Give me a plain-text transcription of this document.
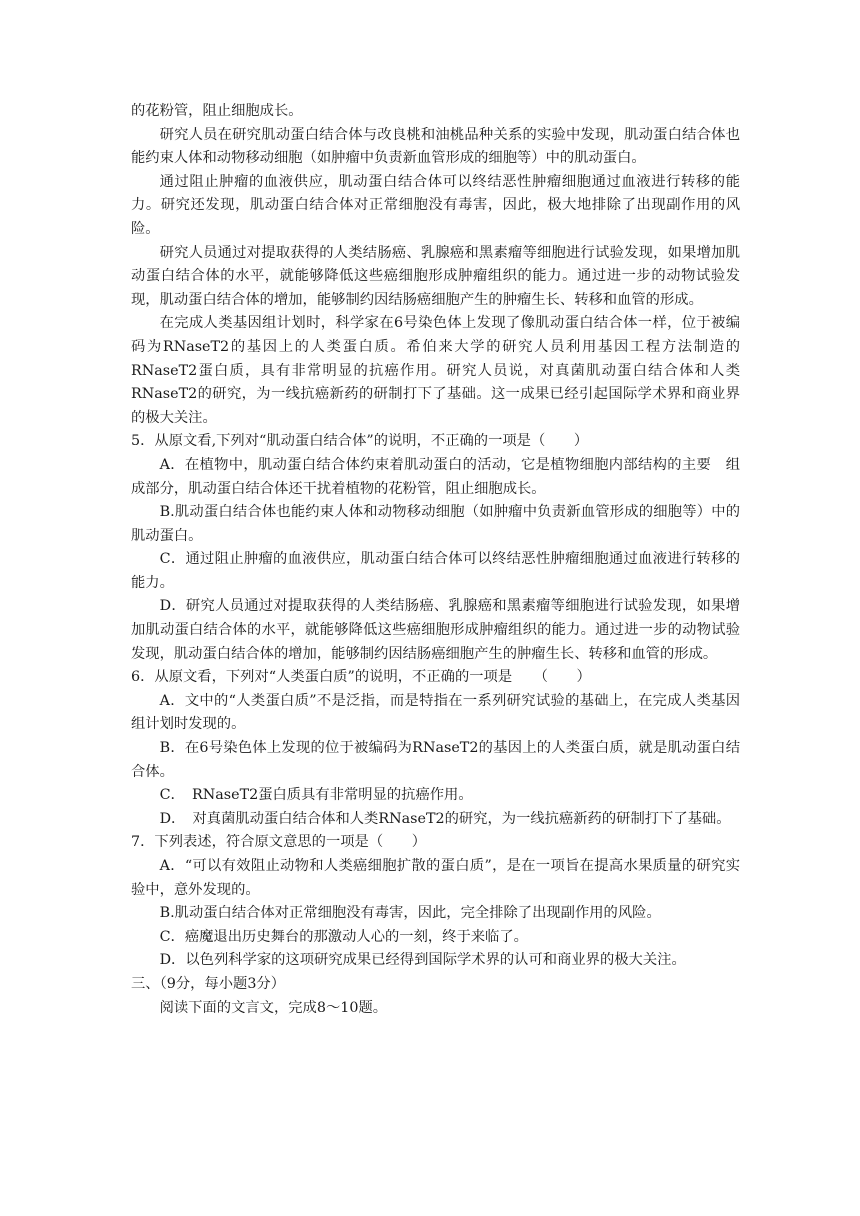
的花粉管，阻止细胞成长。

研究人员在研究肌动蛋白结合体与改良桃和油桃品种关系的实验中发现，肌动蛋白结合体也能约束人体和动物移动细胞（如肿瘤中负责新血管形成的细胞等）中的肌动蛋白。

通过阻止肿瘤的血液供应，肌动蛋白结合体可以终结恶性肿瘤细胞通过血液进行转移的能力。研究还发现，肌动蛋白结合体对正常细胞没有毒害，因此，极大地排除了出现副作用的风险。

研究人员通过对提取获得的人类结肠癌、乳腺癌和黑素瘤等细胞进行试验发现，如果增加肌动蛋白结合体的水平，就能够降低这些癌细胞形成肿瘤组织的能力。通过进一步的动物试验发现，肌动蛋白结合体的增加，能够制约因结肠癌细胞产生的肿瘤生长、转移和血管的形成。

在完成人类基因组计划时，科学家在6号染色体上发现了像肌动蛋白结合体一样，位于被编码为RNaseT2的基因上的人类蛋白质。希伯来大学的研究人员利用基因工程方法制造的RNaseT2蛋白质，具有非常明显的抗癌作用。研究人员说，对真菌肌动蛋白结合体和人类RNaseT2的研究，为一线抗癌新药的研制打下了基础。这一成果已经引起国际学术界和商业界的极大关注。

5．从原文看,下列对“肌动蛋白结合体”的说明，不正确的一项是（　　）

A．在植物中，肌动蛋白结合体约束着肌动蛋白的活动，它是植物细胞内部结构的主要　组成部分，肌动蛋白结合体还干扰着植物的花粉管，阻止细胞成长。

B.肌动蛋白结合体也能约束人体和动物移动细胞（如肿瘤中负责新血管形成的细胞等）中的肌动蛋白。

C．通过阻止肿瘤的血液供应，肌动蛋白结合体可以终结恶性肿瘤细胞通过血液进行转移的能力。

D．研究人员通过对提取获得的人类结肠癌、乳腺癌和黑素瘤等细胞进行试验发现，如果增加肌动蛋白结合体的水平，就能够降低这些癌细胞形成肿瘤组织的能力。通过进一步的动物试验发现，肌动蛋白结合体的增加，能够制约因结肠癌细胞产生的肿瘤生长、转移和血管的形成。

6．从原文看，下列对“人类蛋白质”的说明，不正确的一项是　　（　　）

A．文中的“人类蛋白质”不是泛指，而是特指在一系列研究试验的基础上，在完成人类基因组计划时发现的。

B．在6号染色体上发现的位于被编码为RNaseT2的基因上的人类蛋白质，就是肌动蛋白结合体。

C．　RNaseT2蛋白质具有非常明显的抗癌作用。

D．　对真菌肌动蛋白结合体和人类RNaseT2的研究，为一线抗癌新药的研制打下了基础。

7．下列表述，符合原文意思的一项是（　　）

A．“可以有效阻止动物和人类癌细胞扩散的蛋白质”，是在一项旨在提高水果质量的研究实验中，意外发现的。

B.肌动蛋白结合体对正常细胞没有毒害，因此，完全排除了出现副作用的风险。

C．癌魔退出历史舞台的那激动人心的一刻，终于来临了。

D．以色列科学家的这项研究成果已经得到国际学术界的认可和商业界的极大关注。

三、（9分，每小题3分）

阅读下面的文言文，完成8～10题。
